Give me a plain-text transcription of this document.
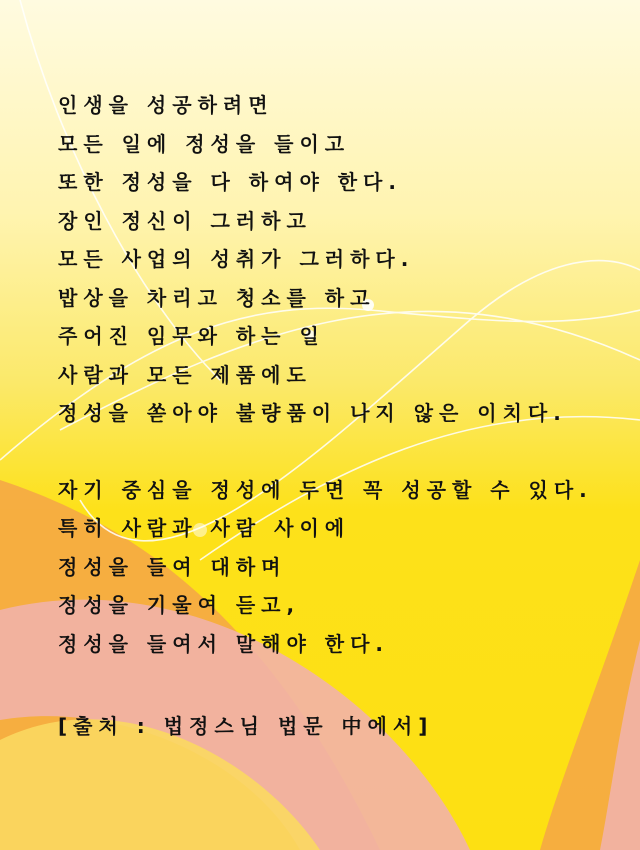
인생을 성공하려면
모든 일에 정성을 들이고
또한 정성을 다 하여야 한다.
장인 정신이 그러하고
모든 사업의 성취가 그러하다.
밥상을 차리고 청소를 하고
주어진 임무와 하는 일
사람과 모든 제품에도
정성을 쏟아야 불량품이 나지 않은 이치다.
자기 중심을 정성에 두면 꼭 성공할 수 있다.
특히 사람과 사람 사이에
정성을 들여 대하며
정성을 기울여 듣고,
정성을 들여서 말해야 한다.
[출처 : 법정스님 법문 中에서]
